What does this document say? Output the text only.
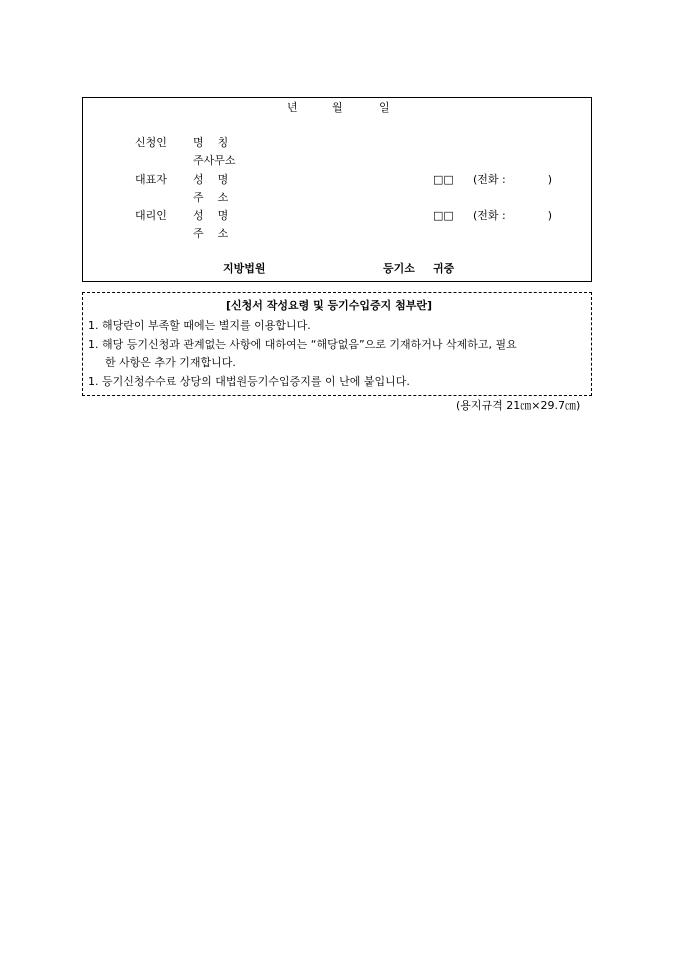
년	월	일
신청인 명    칭
주사무소
대표자 성    명	□□ (전화 :            )
주    소
대리인 성    명	□□ (전화 :            )
주    소
지방법원	등기소 귀중
[신청서 작성요령 및 등기수입증지 첨부란]
1. 해당란이 부족할 때에는 별지를 이용합니다.
1. 해당 등기신청과 관계없는 사항에 대하여는 “해당없음”으로 기재하거나 삭제하고, 필요
한 사항은 추가 기재합니다.
1. 등기신청수수료 상당의 대법원등기수입증지를 이 난에 붙입니다.
(용지규격 21㎝×29.7㎝)
